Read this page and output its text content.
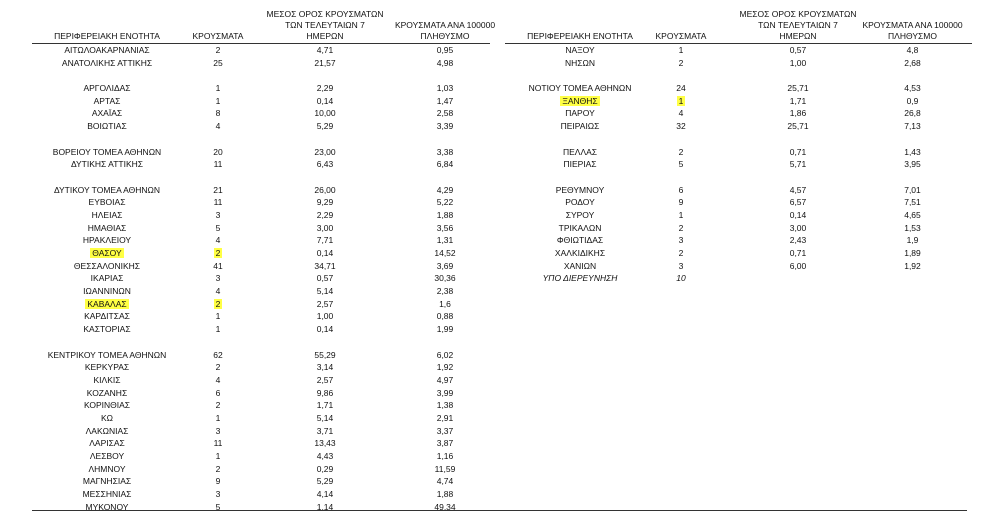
ΠΕΡΙΦΕΡΕΙΑΚΗ ΕΝΟΤΗΤΑ	ΚΡΟΥΣΜΑΤΑ
ΜΕΣΟΣ ΟΡΟΣ ΚΡΟΥΣΜΑΤΩΝ
ΤΩΝ ΤΕΛΕΥΤΑΙΩΝ 7
ΗΜΕΡΩΝ
ΚΡΟΥΣΜΑΤΑ ΑΝΑ 100000
ΠΛΗΘΥΣΜΟ
ΑΙΤΩΛΟΑΚΑΡΝΑΝΙΑΣ	2	4,71	0,95
ΑΝΑΤΟΛΙΚΗΣ ΑΤΤΙΚΗΣ	25	21,57	4,98
ΑΡΓΟΛΙΔΑΣ	1	2,29	1,03
ΑΡΤΑΣ	1	0,14	1,47
ΑΧΑΪΑΣ	8	10,00	2,58
ΒΟΙΩΤΙΑΣ	4	5,29	3,39
ΒΟΡΕΙΟΥ ΤΟΜΕΑ ΑΘΗΝΩΝ	20	23,00	3,38
ΔΥΤΙΚΗΣ ΑΤΤΙΚΗΣ	11	6,43	6,84
ΔΥΤΙΚΟΥ ΤΟΜΕΑ ΑΘΗΝΩΝ	21	26,00	4,29
ΕΥΒΟΙΑΣ	11	9,29	5,22
ΗΛΕΙΑΣ	3	2,29	1,88
ΗΜΑΘΙΑΣ	5	3,00	3,56
ΗΡΑΚΛΕΙΟΥ	4	7,71	1,31
ΘΑΣΟΥ	2	0,14	14,52
ΘΕΣΣΑΛΟΝΙΚΗΣ	41	34,71	3,69
ΙΚΑΡΙΑΣ	3	0,57	30,36
ΙΩΑΝΝΙΝΩΝ	4	5,14	2,38
ΚΑΒΑΛΑΣ	2	2,57	1,6
ΚΑΡΔΙΤΣΑΣ	1	1,00	0,88
ΚΑΣΤΟΡΙΑΣ	1	0,14	1,99
ΚΕΝΤΡΙΚΟΥ ΤΟΜΕΑ ΑΘΗΝΩΝ	62	55,29	6,02
ΚΕΡΚΥΡΑΣ	2	3,14	1,92
ΚΙΛΚΙΣ	4	2,57	4,97
ΚΟΖΑΝΗΣ	6	9,86	3,99
ΚΟΡΙΝΘΙΑΣ	2	1,71	1,38
ΚΩ	1	5,14	2,91
ΛΑΚΩΝΙΑΣ	3	3,71	3,37
ΛΑΡΙΣΑΣ	11	13,43	3,87
ΛΕΣΒΟΥ	1	4,43	1,16
ΛΗΜΝΟΥ	2	0,29	11,59
ΜΑΓΝΗΣΙΑΣ	9	5,29	4,74
ΜΕΣΣΗΝΙΑΣ	3	4,14	1,88
ΜΥΚΟΝΟΥ	5	1,14	49,34
ΠΕΡΙΦΕΡΕΙΑΚΗ ΕΝΟΤΗΤΑ	ΚΡΟΥΣΜΑΤΑ
ΜΕΣΟΣ ΟΡΟΣ ΚΡΟΥΣΜΑΤΩΝ
ΤΩΝ ΤΕΛΕΥΤΑΙΩΝ 7
ΗΜΕΡΩΝ
ΚΡΟΥΣΜΑΤΑ ΑΝΑ 100000
ΠΛΗΘΥΣΜΟ
ΝΑΞΟΥ	1	0,57	4,8
ΝΗΣΩΝ	2	1,00	2,68
ΝΟΤΙΟΥ ΤΟΜΕΑ ΑΘΗΝΩΝ	24	25,71	4,53
ΞΑΝΘΗΣ	1	1,71	0,9
ΠΑΡΟΥ	4	1,86	26,8
ΠΕΙΡΑΙΩΣ	32	25,71	7,13
ΠΕΛΛΑΣ	2	0,71	1,43
ΠΙΕΡΙΑΣ	5	5,71	3,95
ΡΕΘΥΜΝΟΥ	6	4,57	7,01
ΡΟΔΟΥ	9	6,57	7,51
ΣΥΡΟΥ	1	0,14	4,65
ΤΡΙΚΑΛΩΝ	2	3,00	1,53
ΦΘΙΩΤΙΔΑΣ	3	2,43	1,9
ΧΑΛΚΙΔΙΚΗΣ	2	0,71	1,89
ΧΑΝΙΩΝ	3	6,00	1,92
ΥΠΟ ΔΙΕΡΕΥΝΗΣΗ	10
